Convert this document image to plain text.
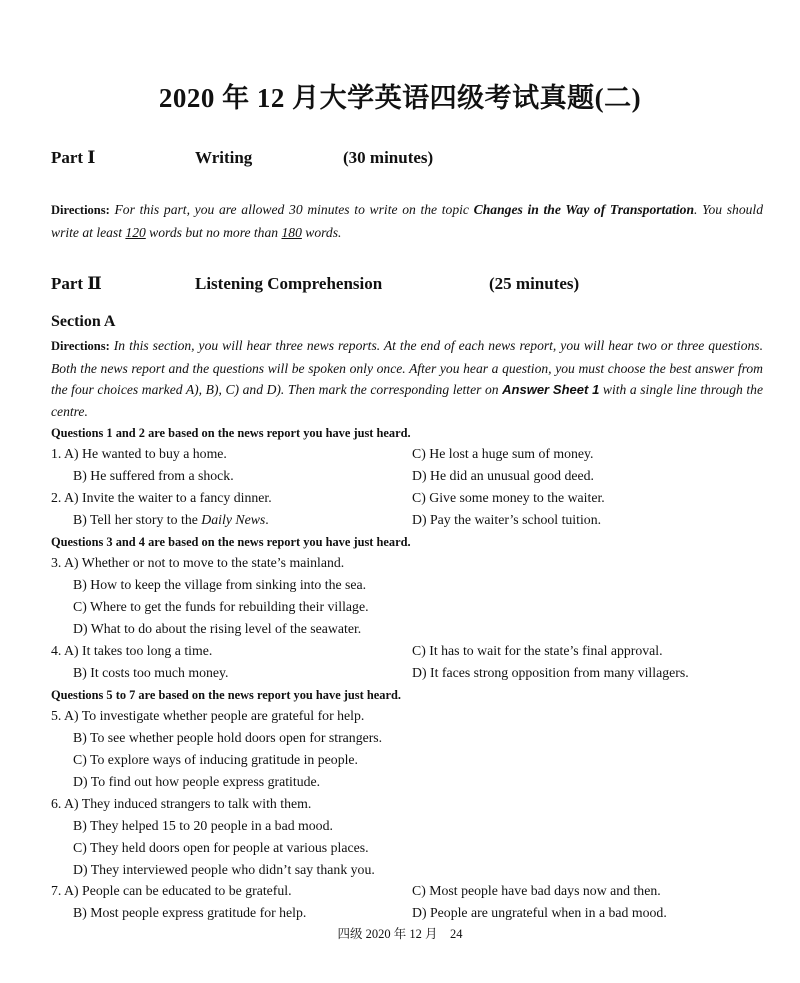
2020 年 12 月大学英语四级考试真题(二)
Part Ⅰ	Writing	(30 minutes)
Directions: For this part, you are allowed 30 minutes to write on the topic Changes in the Way of Transportation. You should write at least 120 words but no more than 180 words.
Part Ⅱ	Listening Comprehension	(25 minutes)
Section A
Directions: In this section, you will hear three news reports. At the end of each news report, you will hear two or three questions. Both the news report and the questions will be spoken only once. After you hear a question, you must choose the best answer from the four choices marked A), B), C) and D). Then mark the corresponding letter on Answer Sheet 1 with a single line through the centre.
Questions 1 and 2 are based on the news report you have just heard.
1. A) He wanted to buy a home.	C) He lost a huge sum of money.
B) He suffered from a shock.	D) He did an unusual good deed.
2. A) Invite the waiter to a fancy dinner.	C) Give some money to the waiter.
B) Tell her story to the Daily News.	D) Pay the waiter’s school tuition.
Questions 3 and 4 are based on the news report you have just heard.
3. A) Whether or not to move to the state’s mainland.
B) How to keep the village from sinking into the sea.
C) Where to get the funds for rebuilding their village.
D) What to do about the rising level of the seawater.
4. A) It takes too long a time.	C) It has to wait for the state’s final approval.
B) It costs too much money.	D) It faces strong opposition from many villagers.
Questions 5 to 7 are based on the news report you have just heard.
5. A) To investigate whether people are grateful for help.
B) To see whether people hold doors open for strangers.
C) To explore ways of inducing gratitude in people.
D) To find out how people express gratitude.
6. A) They induced strangers to talk with them.
B) They helped 15 to 20 people in a bad mood.
C) They held doors open for people at various places.
D) They interviewed people who didn’t say thank you.
7. A) People can be educated to be grateful.	C) Most people have bad days now and then.
B) Most people express gratitude for help.	D) People are ungrateful when in a bad mood.
四级 2020 年 12 月　24
